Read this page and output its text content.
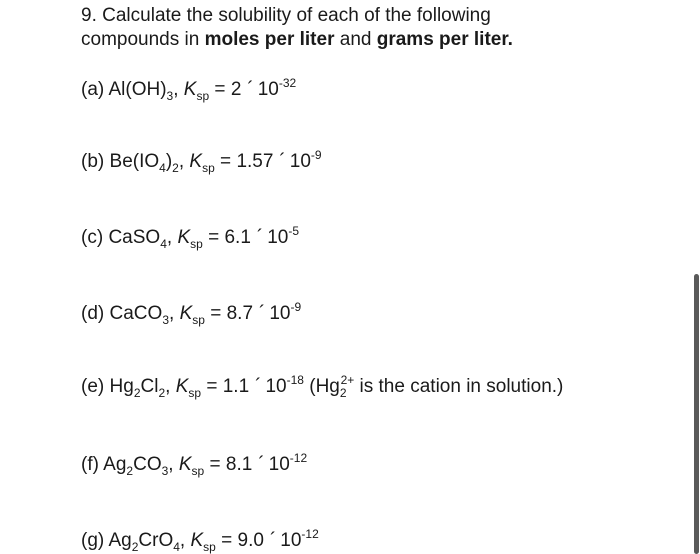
9. Calculate the solubility of each of the following
compounds in moles per liter and grams per liter.
(a) $Al(OH)_3$, $K_{sp} = 2$ ´ $10^{-32}$
(b) $Be(IO_4)_2$, $K_{sp} = 1.57$ ´ $10^{-9}$
(c) CaSO$_4$, $K_{sp} = 6.1$ ´ $10^{-5}$
(d) CaCO$_3$, $K_{sp} = 8.7$ ´ $10^{-9}$
(e) $Hg_2Cl_2$, $K_{sp} = 1.1$ ´ $10^{-18}$ ($Hg_2^{2+}$ is the cation in solution.)
(f) $Ag_2CO_3$, $K_{sp} = 8.1$ ´ $10^{-12}$
(g) $Ag_2CrO_4$, $K_{sp} = 9.0$ ´ $10^{-12}$
